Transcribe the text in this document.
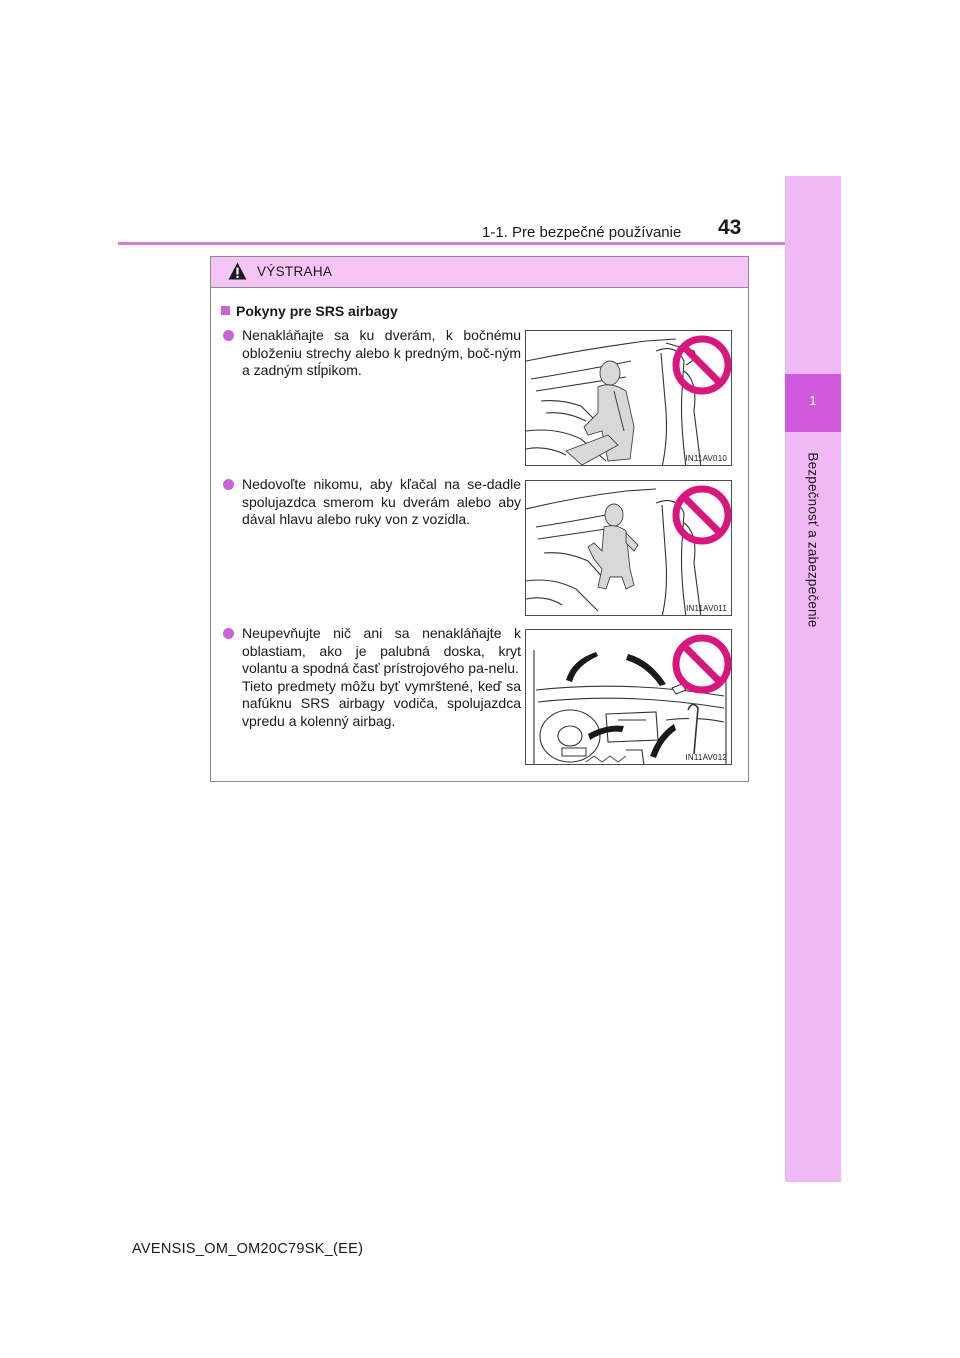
1
Bezpečnosť a zabezpečenie
1-1. Pre bezpečné používanie 43
VÝSTRAHA
Pokyny pre SRS airbagy

Nenakláňajte sa ku dverám, k bočnému obloženiu strechy alebo k predným, boč-ným a zadným stĺpikom.

IN11AV010

Nedovoľte nikomu, aby kľačal na se-dadle spolujazdca smerom ku dverám alebo aby dával hlavu alebo ruky von z vozidla.

IN11AV011

Neupevňujte nič ani sa nenakláňajte k oblastiam, ako je palubná doska, kryt volantu a spodná časť prístrojového pa-nelu.

Tieto predmety môžu byť vymrštené, keď sa nafúknu SRS airbagy vodiča, spolujazdca vpredu a kolenný airbag.

IN11AV012
AVENSIS_OM_OM20C79SK_(EE)
